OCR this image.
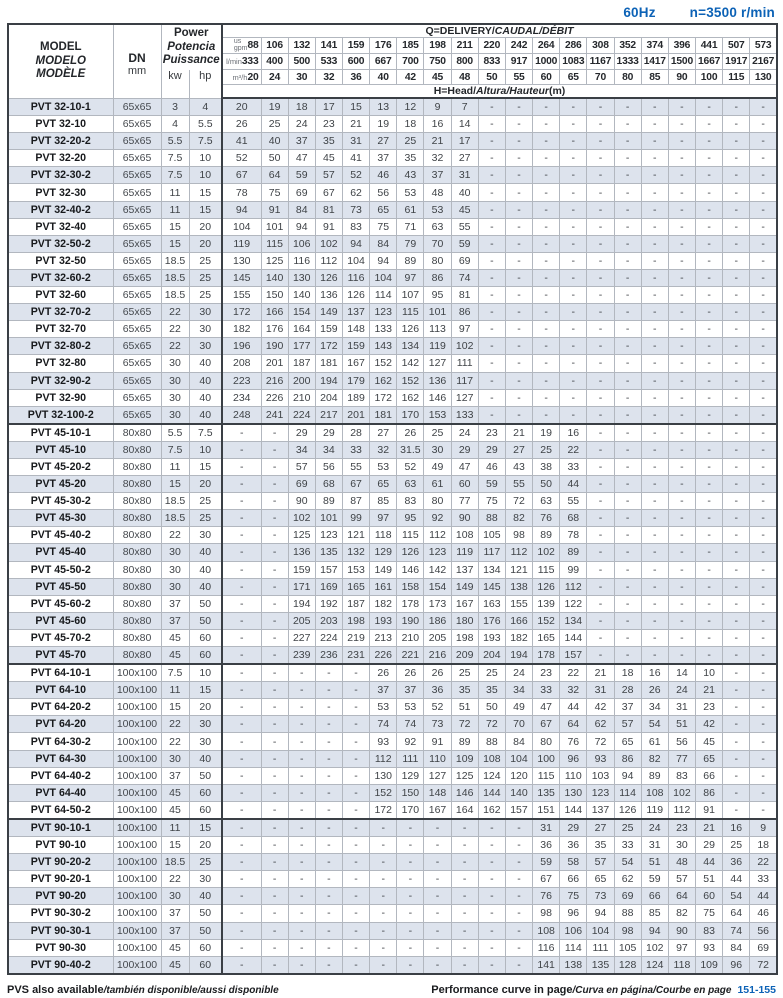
60Hz	n=3500 r/min
MODEL
MODELO
MODÈLE

DN
mm

Power
Potencia
Puissance
	Q=DELIVERY/CAUDAL/DÉBIT

				us
gpm 88	106	132	141	159	176	185	198	211	220	242	264	286	308	352	374	396	441	507	573

				l/min 333	400	500	533	600	667	700	750	800	833	917	1000	1083	1167	1333	1417	1500	1667	1917	2167
		kw	hp	m³/h 20	24	30	32	36	40	42	45	48	50	55	60	65	70	80	85	90	100	115	130
				H=Head/Altura/Hauteur(m)																			
PVT 32-10-1	65x65	3	4	20	19	18	17	15	13	12	9	7	-	-	-	-	-	-	-	-	-	-	-
PVT 32-10	65x65	4	5.5	26	25	24	23	21	19	18	16	14	-	-	-	-	-	-	-	-	-	-	-
PVT 32-20-2	65x65	5.5	7.5	41	40	37	35	31	27	25	21	17	-	-	-	-	-	-	-	-	-	-	-
PVT 32-20	65x65	7.5	10	52	50	47	45	41	37	35	32	27	-	-	-	-	-	-	-	-	-	-	-
PVT 32-30-2	65x65	7.5	10	67	64	59	57	52	46	43	37	31	-	-	-	-	-	-	-	-	-	-	-
PVT 32-30	65x65	11	15	78	75	69	67	62	56	53	48	40	-	-	-	-	-	-	-	-	-	-	-
PVT 32-40-2	65x65	11	15	94	91	84	81	73	65	61	53	45	-	-	-	-	-	-	-	-	-	-	-
PVT 32-40	65x65	15	20	104	101	94	91	83	75	71	63	55	-	-	-	-	-	-	-	-	-	-	-
PVT 32-50-2	65x65	15	20	119	115	106	102	94	84	79	70	59	-	-	-	-	-	-	-	-	-	-	-
PVT 32-50	65x65	18.5	25	130	125	116	112	104	94	89	80	69	-	-	-	-	-	-	-	-	-	-	-
PVT 32-60-2	65x65	18.5	25	145	140	130	126	116	104	97	86	74	-	-	-	-	-	-	-	-	-	-	-
PVT 32-60	65x65	18.5	25	155	150	140	136	126	114	107	95	81	-	-	-	-	-	-	-	-	-	-	-
PVT 32-70-2	65x65	22	30	172	166	154	149	137	123	115	101	86	-	-	-	-	-	-	-	-	-	-	-
PVT 32-70	65x65	22	30	182	176	164	159	148	133	126	113	97	-	-	-	-	-	-	-	-	-	-	-
PVT 32-80-2	65x65	22	30	196	190	177	172	159	143	134	119	102	-	-	-	-	-	-	-	-	-	-	-
PVT 32-80	65x65	30	40	208	201	187	181	167	152	142	127	111	-	-	-	-	-	-	-	-	-	-	-
PVT 32-90-2	65x65	30	40	223	216	200	194	179	162	152	136	117	-	-	-	-	-	-	-	-	-	-	-
PVT 32-90	65x65	30	40	234	226	210	204	189	172	162	146	127	-	-	-	-	-	-	-	-	-	-	-
PVT 32-100-2	65x65	30	40	248	241	224	217	201	181	170	153	133	-	-	-	-	-	-	-	-	-	-	-
PVT 45-10-1	80x80	5.5	7.5	-	-	29	29	28	27	26	25	24	23	21	19	16	-	-	-	-	-	-	-
PVT 45-10	80x80	7.5	10	-	-	34	34	33	32	31.5	30	29	29	27	25	22	-	-	-	-	-	-	-
PVT 45-20-2	80x80	11	15	-	-	57	56	55	53	52	49	47	46	43	38	33	-	-	-	-	-	-	-
PVT 45-20	80x80	15	20	-	-	69	68	67	65	63	61	60	59	55	50	44	-	-	-	-	-	-	-
PVT 45-30-2	80x80	18.5	25	-	-	90	89	87	85	83	80	77	75	72	63	55	-	-	-	-	-	-	-
PVT 45-30	80x80	18.5	25	-	-	102	101	99	97	95	92	90	88	82	76	68	-	-	-	-	-	-	-
PVT 45-40-2	80x80	22	30	-	-	125	123	121	118	115	112	108	105	98	89	78	-	-	-	-	-	-	-
PVT 45-40	80x80	30	40	-	-	136	135	132	129	126	123	119	117	112	102	89	-	-	-	-	-	-	-
PVT 45-50-2	80x80	30	40	-	-	159	157	153	149	146	142	137	134	121	115	99	-	-	-	-	-	-	-
PVT 45-50	80x80	30	40	-	-	171	169	165	161	158	154	149	145	138	126	112	-	-	-	-	-	-	-
PVT 45-60-2	80x80	37	50	-	-	194	192	187	182	178	173	167	163	155	139	122	-	-	-	-	-	-	-
PVT 45-60	80x80	37	50	-	-	205	203	198	193	190	186	180	176	166	152	134	-	-	-	-	-	-	-
PVT 45-70-2	80x80	45	60	-	-	227	224	219	213	210	205	198	193	182	165	144	-	-	-	-	-	-	-
PVT 45-70	80x80	45	60	-	-	239	236	231	226	221	216	209	204	194	178	157	-	-	-	-	-	-	-
PVT 64-10-1	100x100	7.5	10	-	-	-	-	-	26	26	26	25	25	24	23	22	21	18	16	14	10	-	-
PVT 64-10	100x100	11	15	-	-	-	-	-	37	37	36	35	35	34	33	32	31	28	26	24	21	-	-
PVT 64-20-2	100x100	15	20	-	-	-	-	-	53	53	52	51	50	49	47	44	42	37	34	31	23	-	-
PVT 64-20	100x100	22	30	-	-	-	-	-	74	74	73	72	72	70	67	64	62	57	54	51	42	-	-
PVT 64-30-2	100x100	22	30	-	-	-	-	-	93	92	91	89	88	84	80	76	72	65	61	56	45	-	-
PVT 64-30	100x100	30	40	-	-	-	-	-	112	111	110	109	108	104	100	96	93	86	82	77	65	-	-
PVT 64-40-2	100x100	37	50	-	-	-	-	-	130	129	127	125	124	120	115	110	103	94	89	83	66	-	-
PVT 64-40	100x100	45	60	-	-	-	-	-	152	150	148	146	144	140	135	130	123	114	108	102	86	-	-
PVT 64-50-2	100x100	45	60	-	-	-	-	-	172	170	167	164	162	157	151	144	137	126	119	112	91	-	-
PVT 90-10-1	100x100	11	15	-	-	-	-	-	-	-	-	-	-	-	31	29	27	25	24	23	21	16	9
PVT 90-10	100x100	15	20	-	-	-	-	-	-	-	-	-	-	-	36	36	35	33	31	30	29	25	18
PVT 90-20-2	100x100	18.5	25	-	-	-	-	-	-	-	-	-	-	-	59	58	57	54	51	48	44	36	22
PVT 90-20-1	100x100	22	30	-	-	-	-	-	-	-	-	-	-	-	67	66	65	62	59	57	51	44	33
PVT 90-20	100x100	30	40	-	-	-	-	-	-	-	-	-	-	-	76	75	73	69	66	64	60	54	44
PVT 90-30-2	100x100	37	50	-	-	-	-	-	-	-	-	-	-	-	98	96	94	88	85	82	75	64	46
PVT 90-30-1	100x100	37	50	-	-	-	-	-	-	-	-	-	-	-	108	106	104	98	94	90	83	74	56
PVT 90-30	100x100	45	60	-	-	-	-	-	-	-	-	-	-	-	116	114	111	105	102	97	93	84	69
PVT 90-40-2	100x100	45	60	-	-	-	-	-	-	-	-	-	-	-	141	138	135	128	124	118	109	96	72
PVS also available/también disponible/aussi disponible	Performance curve in page/Curva en página/Courbe en page 151-155
